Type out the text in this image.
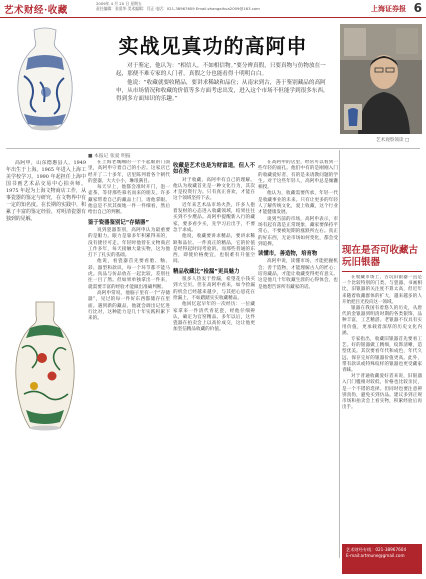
艺术财经·收藏
2009年 4 月 20 日 星期五
责任编辑：张爱华 美术编辑：闫正 电话：021-38967609 Email:zhangaihua2009@163.com	上海证券报 6
实战见真功的高阿申

对于鉴定，他认为：“相信人，不如相信物。”要分辨真假，只要真物与仿物放在一起，那便不难专家的人门者，真假之分也能看得十明明白白。

他说：“收藏就要收精品，要讲求稀缺和品位；从南宋到古，善于鉴别藏品的高阿申，从市场情况和收藏的价值等多方面考虑出发，进入这个市场不但能学到很多东西，得到多方面知识的乐趣。”

■ 本报记 张爱 明报

高阿申，山东德惠县人，1949 年出生于上海。1965 年进入上海工美学校学习。1990 年起担任上海中国书画艺术品交易中心拍卖师。1975 年起为上海文物商店工作，从事瓷器的鉴定与研究，在文物界中有一定的知名度。在长期的实践中，积累了丰富的鉴定经验，对明清瓷器有独到的见解。

在上海老城厢的一个不起眼的门面里，高阿申守着自己的小店。这家店已经开了二十多年，店里陈列着各个朝代的瓷器，大大小小，琳琅满目。

每天早上，他都会准时开门，泡一壶茶，等待那些慕名而来的朋友。许多藏家带着自己的藏品上门，请他掌眼。他总是不厌其烦地一件一件细看，然后给出自己的判断。

鉴于瓷器鉴别记“存储器”

说到瓷器鉴别，高阿申认为最重要的是眼力。眼力是靠多年积累得来的，没有捷径可走。年轻时他曾在文物商店工作多年，每天接触大量实物，这为他打下了扎实的基础。

他说，看瓷器首先要看胎、釉、彩、器型和款识，每一个环节都不能马虎。真品与仿品放在一起比较，差别往往一目了然。但如果单独拿出一件来，就需要丰富的经验才能做出准确判断。

高阿申常说，他脑子里有一个“存储器”，见过的每一件好东西都储存在里面。遇到新的藏品，他就会调出记忆进行比对，这种能力是几十年实践积累下来的。

收藏是艺术也是为财富道，但人不如在物

对于收藏，高阿申有自己的理解。他认为收藏首先是一种文化行为，其次才是投资行为。只有真正喜欢，才能在这个领域坚持下去。

近年来艺术品市场火热，许多人抱着发财的心态进入收藏领域，结果往往买到不少赝品。高阿申提醒新入行的藏家，要多看少买，先学习后出手，不要急于求成。

他说，收藏要讲求精品，要讲求稀缺和品位。一件真正的精品，它的价值是经得起时间考验的。而那些普通的东西，即使价格便宜，也很难有升值空间。

精品收藏比“捡漏”更具魅力

很多人热衷于捡漏，希望花小钱买到大宝贝。但在高阿申看来，如今捡漏的机会已经越来越少，与其把心思花在捡漏上，不如踏踏实实收藏精品。

他回忆起早年的一次经历：一位藏家拿来一件清代青花瓷，经他仔细辨认，确定为官窑精品。多年以后，这件瓷器在拍卖会上以高价成交，这让他更加坚信精品收藏的价值。

在高阿申的店里，经常可以看到一些年轻的面孔。他们中有的是刚刚入门的收藏爱好者，有的是来请教问题的学生。对于这些年轻人，高阿申总是倾囊相授。

他认为，收藏需要传承，年轻一代是收藏事业的未来。只有让更多的年轻人了解传统文化，爱上收藏，这个行业才能健康发展。

谈到当前的市场，高阿申表示，市场有起有落是正常现象，藏家要保持平常心，不要被短期的涨跌所左右。真正的好东西，无论市场如何变化，都会受到追捧。

读懂市，善造物，培育物

高阿申说，读懂市场，才能把握机会；善于造物，才能理解古人的匠心；培育藏品，才能让收藏变得更有意义。这是他几十年收藏生涯的心得体会，也是他想告诉所有藏家的话。

艺术观察领读 □
现在是否可收藏古玩旧银器

在收藏市场上，古玩旧银器一直是一个比较特别的门类。与瓷器、书画相比，旧银器的关注度不算太高，但近年来随着收藏群体的扩大，越来越多的人开始把目光投向这一领域。

银器在我国有着悠久的历史，从唐代的金银器到明清时期的各类银饰，品种丰富，工艺精湛。老银器不仅具有实用价值，更承载着深厚的历史文化内涵。

专家指出，收藏旧银器首先要看工艺。好的银器做工精细，纹饰清晰，造型优美。其次要看年代和成色，年代久远、保存完好的银器价值更高。此外，带有款识或特殊纹样的银器也更受藏家青睐。

对于普通收藏爱好者来说，旧银器入门门槛相对较低，价格也比较亲民，是一个不错的选择。但同时也要注意辨别真伪，避免买到仿品。建议多到正规市场和拍卖会上看实物，积累经验后再出手。

艺术财经专线：021-38967604
E-mail:artmune@gmail.com
